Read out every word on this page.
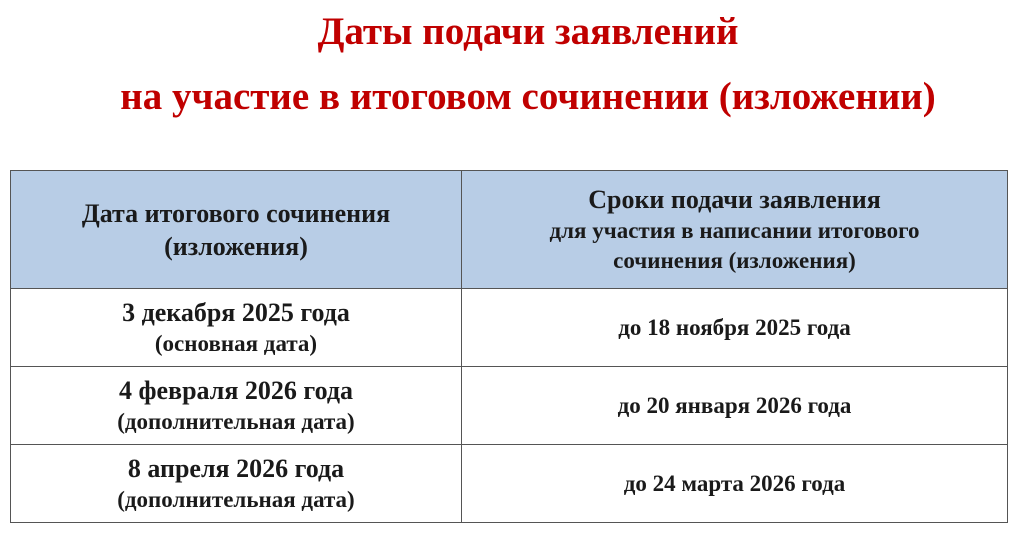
Даты подачи заявлений
на участие в итоговом сочинении (изложении)
Дата итогового сочинения
(изложения)	Сроки подачи заявления
для участия в написании итогового
сочинения (изложения)

3 декабря 2025 года
(основная дата)	до 18 ноября 2025 года

4 февраля 2026 года
(дополнительная дата)	до 20 января 2026 года

8 апреля 2026 года
(дополнительная дата)	до 24 марта 2026 года
